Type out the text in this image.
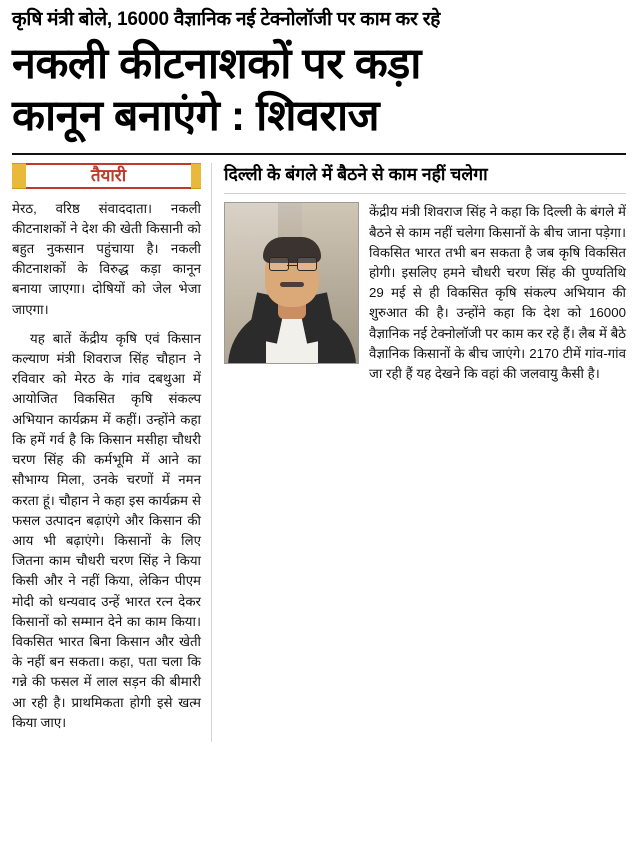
कृषि मंत्री बोले, 16000 वैज्ञानिक नई टेक्नोलॉजी पर काम कर रहे
नकली कीटनाशकों पर कड़ा
कानून बनाएंगे : शिवराज
तैयारी

मेरठ, वरिष्ठ संवाददाता। नकली कीटनाशकों ने देश की खेती किसानी को बहुत नुकसान पहुंचाया है। नकली कीटनाशकों के विरुद्ध कड़ा कानून बनाया जाएगा। दोषियों को जेल भेजा जाएगा।

यह बातें केंद्रीय कृषि एवं किसान कल्याण मंत्री शिवराज सिंह चौहान ने रविवार को मेरठ के गांव दबथुआ में आयोजित विकसित कृषि संकल्प अभियान कार्यक्रम में कहीं। उन्होंने कहा कि हमें गर्व है कि किसान मसीहा चौधरी चरण सिंह की कर्मभूमि में आने का सौभाग्य मिला, उनके चरणों में नमन करता हूं। चौहान ने कहा इस कार्यक्रम से फसल उत्पादन बढ़ाएंगे और किसान की आय भी बढ़ाएंगे। किसानों के लिए जितना काम चौधरी चरण सिंह ने किया किसी और ने नहीं किया, लेकिन पीएम मोदी को धन्यवाद उन्हें भारत रत्न देकर किसानों को सम्मान देने का काम किया। विकसित भारत बिना किसान और खेती के नहीं बन सकता। कहा, पता चला कि गन्ने की फसल में लाल सड़न की बीमारी आ रही है। प्राथमिकता होगी इसे खत्म किया जाए।

दिल्ली के बंगले में बैठने से काम नहीं चलेगा

केंद्रीय मंत्री शिवराज सिंह ने कहा कि दिल्ली के बंगले में बैठने से काम नहीं चलेगा किसानों के बीच जाना पड़ेगा। विकसित भारत तभी बन सकता है जब कृषि विकसित होगी। इसलिए हमने चौधरी चरण सिंह की पुण्यतिथि 29 मई से ही विकसित कृषि संकल्प अभियान की शुरुआत की है। उन्होंने कहा कि देश को 16000 वैज्ञानिक नई टेक्नोलॉजी पर काम कर रहे हैं। लैब में बैठे वैज्ञानिक किसानों के बीच जाएंगे। 2170 टीमें गांव-गांव जा रही हैं यह देखने कि वहां की जलवायु कैसी है।
